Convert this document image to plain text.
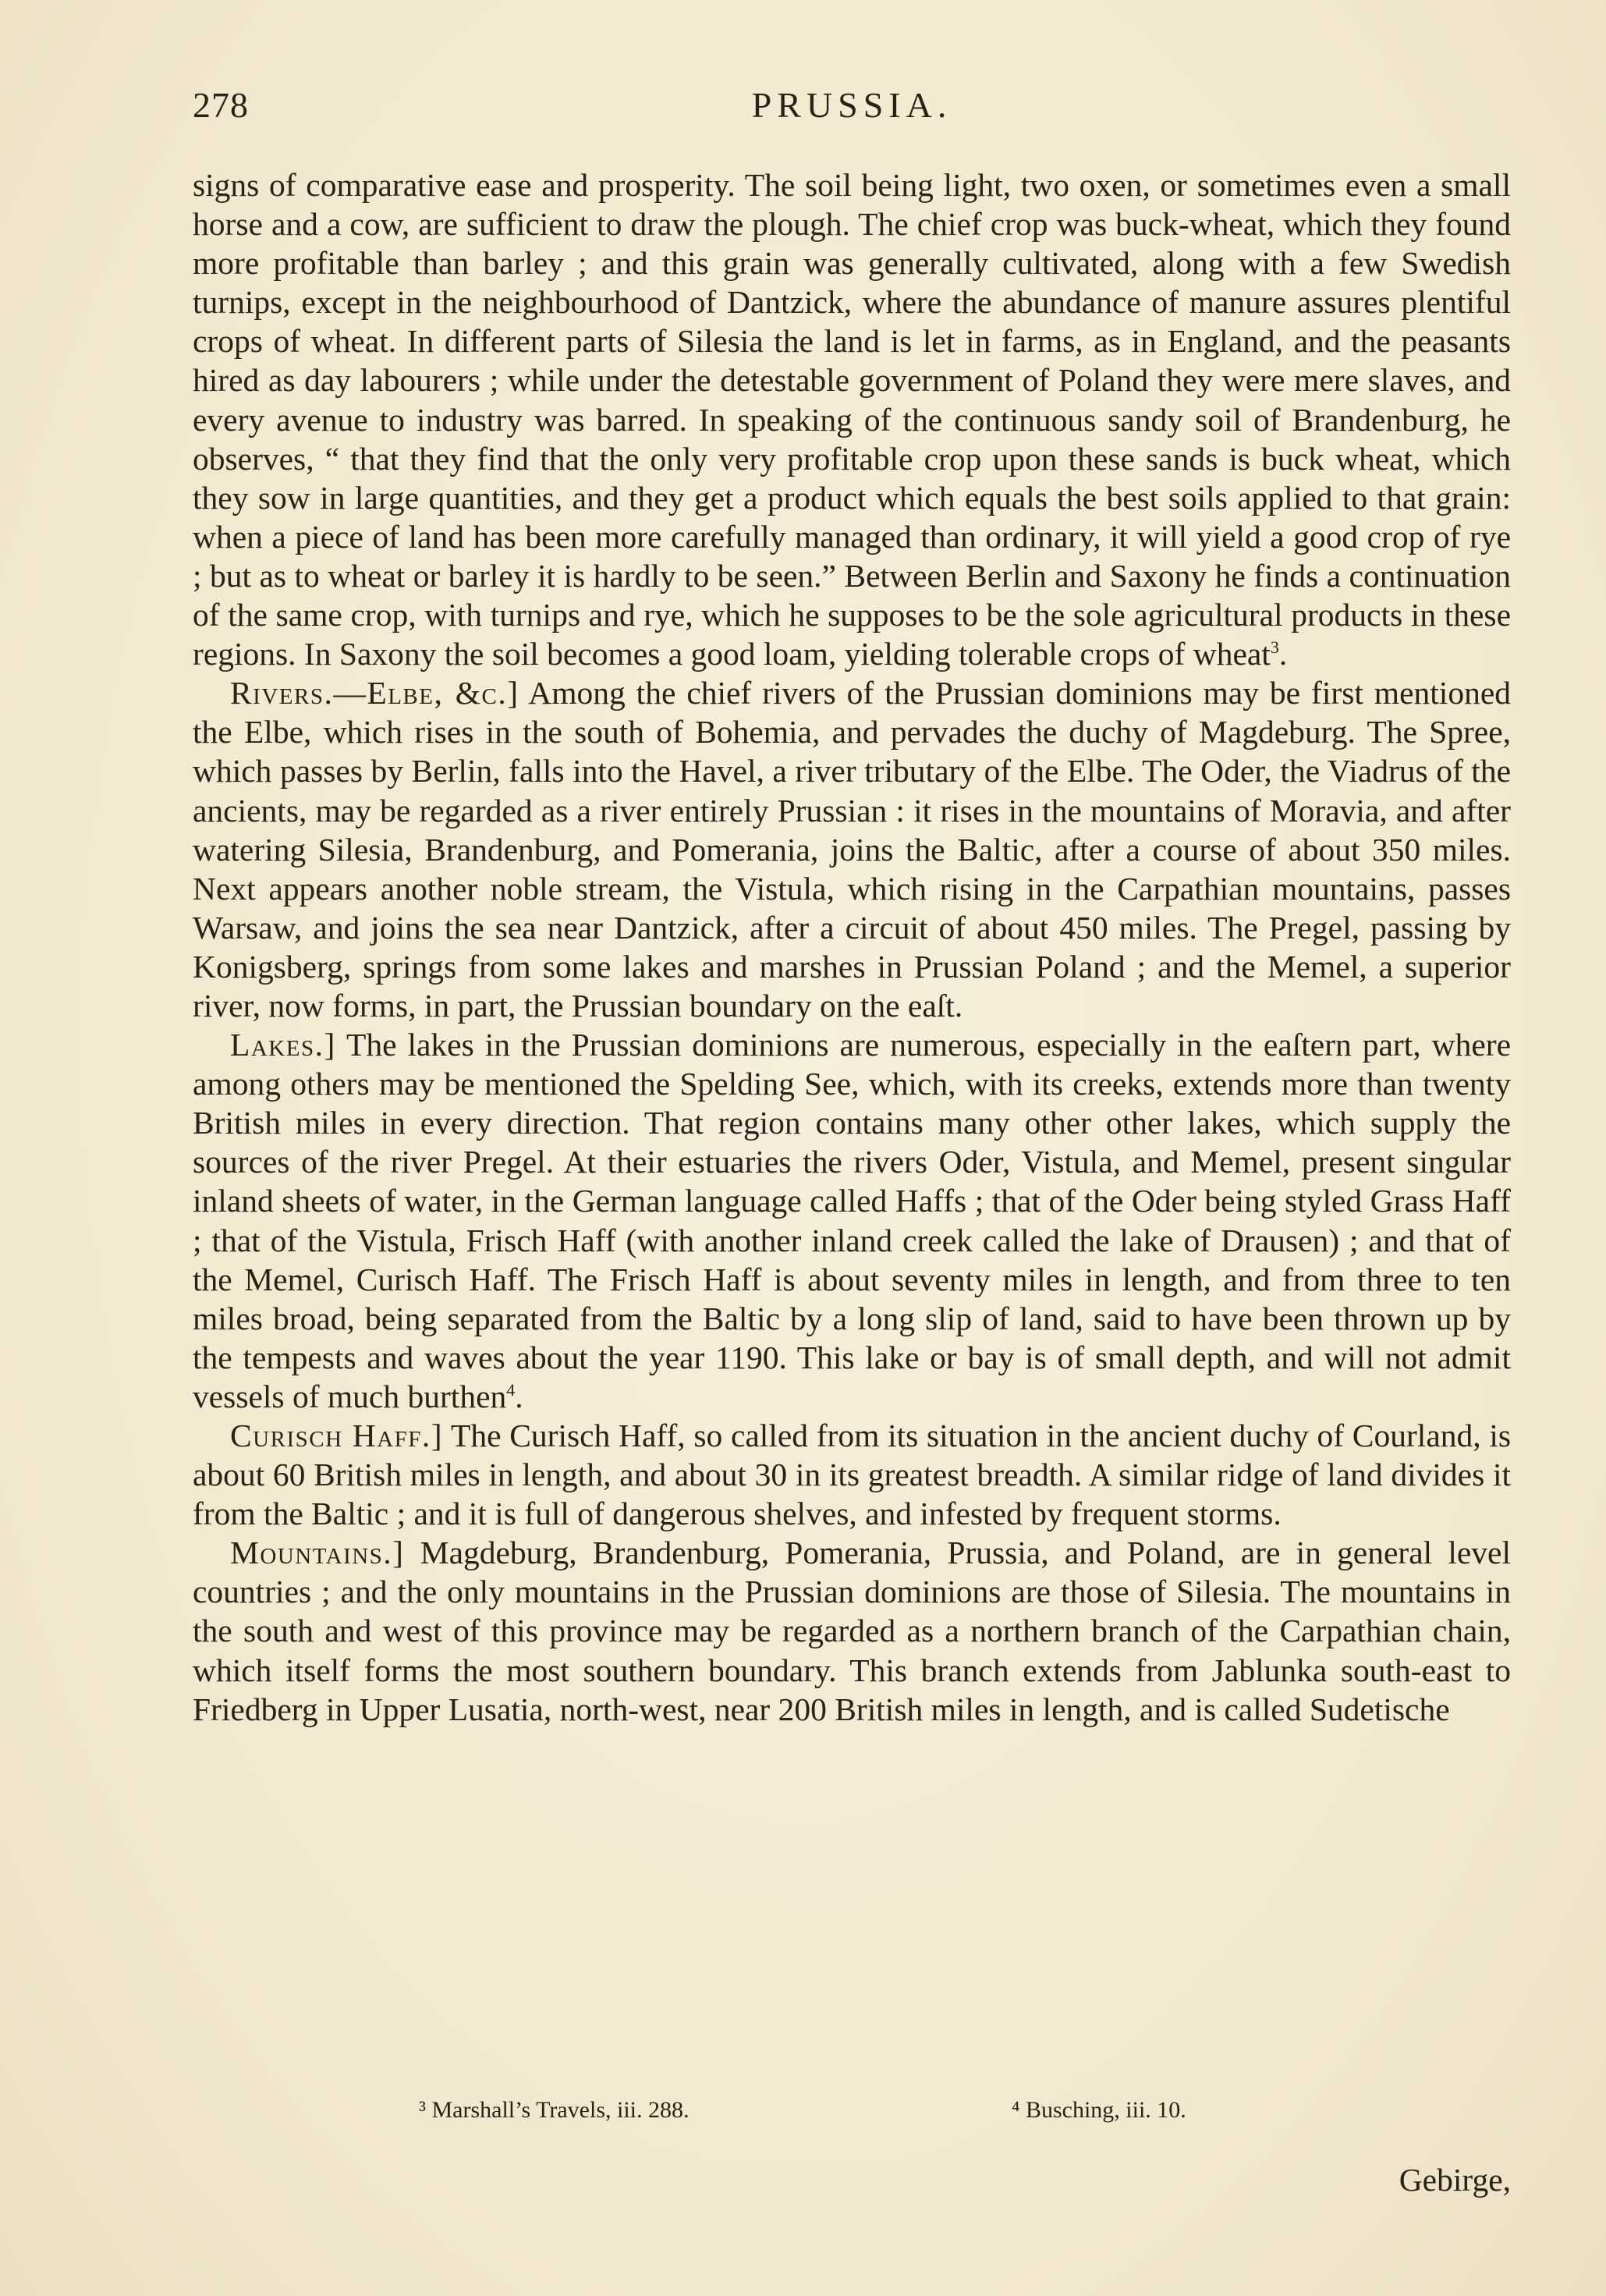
278	PRUSSIA.

signs of comparative ease and prosperity. The soil being light, two oxen, or sometimes even a small horse and a cow, are sufficient to draw the plough. The chief crop was buck-wheat, which they found more profitable than barley ; and this grain was generally cultivated, along with a few Swedish turnips, except in the neighbourhood of Dantzick, where the abundance of manure assures plentiful crops of wheat. In different parts of Silesia the land is let in farms, as in England, and the peasants hired as day labourers ; while under the detestable government of Poland they were mere slaves, and every avenue to industry was barred. In speaking of the continuous sandy soil of Brandenburg, he observes, “ that they find that the only very profitable crop upon these sands is buck wheat, which they sow in large quantities, and they get a product which equals the best soils applied to that grain: when a piece of land has been more carefully managed than ordinary, it will yield a good crop of rye ; but as to wheat or barley it is hardly to be seen.” Between Berlin and Saxony he finds a continuation of the same crop, with turnips and rye, which he supposes to be the sole agricultural products in these regions. In Saxony the soil becomes a good loam, yielding tolerable crops of wheat$^3$.

Rivers.—Elbe, &c.] Among the chief rivers of the Prussian dominions may be first mentioned the Elbe, which rises in the south of Bohemia, and pervades the duchy of Magdeburg. The Spree, which passes by Berlin, falls into the Havel, a river tributary of the Elbe. The Oder, the Viadrus of the ancients, may be regarded as a river entirely Prussian : it rises in the mountains of Moravia, and after watering Silesia, Brandenburg, and Pomerania, joins the Baltic, after a course of about 350 miles. Next appears another noble stream, the Vistula, which rising in the Carpathian mountains, passes Warsaw, and joins the sea near Dantzick, after a circuit of about 450 miles. The Pregel, passing by Konigsberg, springs from some lakes and marshes in Prussian Poland ; and the Memel, a superior river, now forms, in part, the Prussian boundary on the eaſt.

Lakes.] The lakes in the Prussian dominions are numerous, especially in the eaſtern part, where among others may be mentioned the Spelding See, which, with its creeks, extends more than twenty British miles in every direction. That region contains many other other lakes, which supply the sources of the river Pregel. At their estuaries the rivers Oder, Vistula, and Memel, present singular inland sheets of water, in the German language called Haffs ; that of the Oder being styled Grass Haff ; that of the Vistula, Frisch Haff (with another inland creek called the lake of Drausen) ; and that of the Memel, Curisch Haff. The Frisch Haff is about seventy miles in length, and from three to ten miles broad, being separated from the Baltic by a long slip of land, said to have been thrown up by the tempests and waves about the year 1190. This lake or bay is of small depth, and will not admit vessels of much burthen$^4$.

Curisch Haff.] The Curisch Haff, so called from its situation in the ancient duchy of Courland, is about 60 British miles in length, and about 30 in its greatest breadth. A similar ridge of land divides it from the Baltic ; and it is full of dangerous shelves, and infested by frequent storms.

Mountains.] Magdeburg, Brandenburg, Pomerania, Prussia, and Poland, are in general level countries ; and the only mountains in the Prussian dominions are those of Silesia. The mountains in the south and west of this province may be regarded as a northern branch of the Carpathian chain, which itself forms the most southern boundary. This branch extends from Jablunka south-east to Friedberg in Upper Lusatia, north-west, near 200 British miles in length, and is called Sudetische

³ Marshall’s Travels, iii. 288.	⁴ Busching, iii. 10.
Gebirge,
